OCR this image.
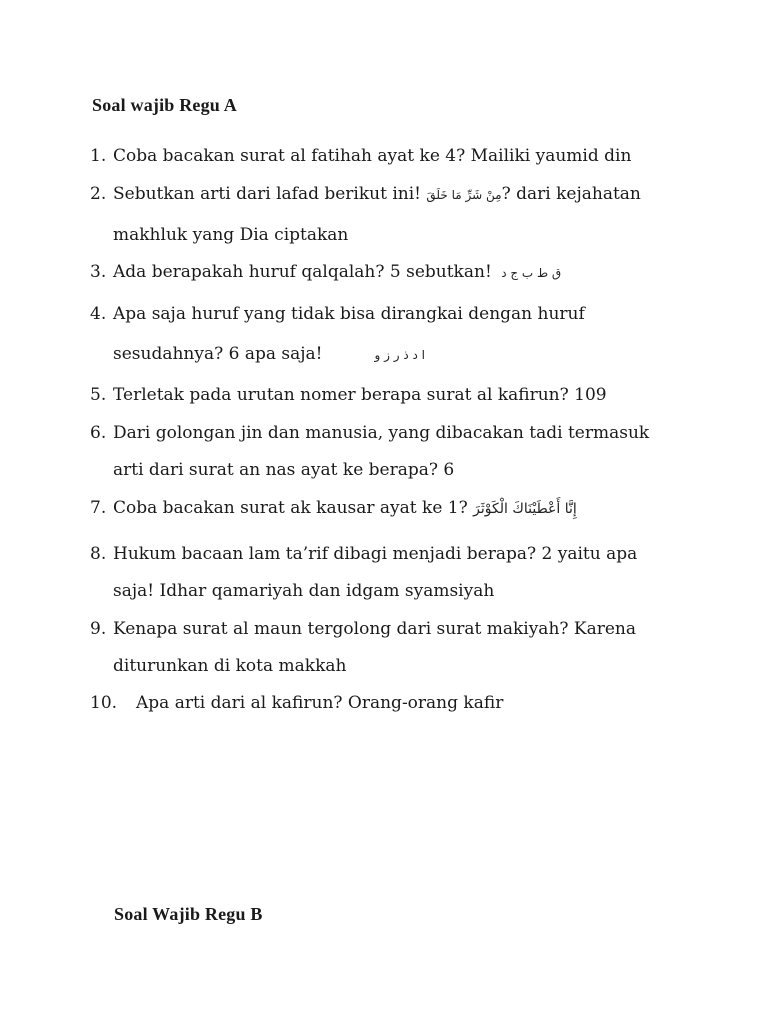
Soal wajib Regu A
1. Coba bacakan surat al fatihah ayat ke 4? Mailiki yaumid din
2. Sebutkan arti dari lafad berikut ini! مِنْ شَرِّ مَا خَلَقَ? dari kejahatan
makhluk yang Dia ciptakan
3. Ada berapakah huruf qalqalah? 5 sebutkan! ق ط ب ج د
4. Apa saja huruf yang tidak bisa dirangkai dengan huruf
sesudahnya? 6 apa saja!	ا د ذ ر ز و
5. Terletak pada urutan nomer berapa surat al kafirun? 109
6. Dari golongan jin dan manusia, yang dibacakan tadi termasuk
arti dari surat an nas ayat ke berapa? 6
7. Coba bacakan surat ak kausar ayat ke 1? إِنَّا أَعْطَيْنَاكَ الْكَوْثَرَ
8. Hukum bacaan lam ta’rif dibagi menjadi berapa? 2 yaitu apa
saja! Idhar qamariyah dan idgam syamsiyah
9. Kenapa surat al maun tergolong dari surat makiyah? Karena
diturunkan di kota makkah
10. Apa arti dari al kafirun? Orang-orang kafir
Soal Wajib Regu B
